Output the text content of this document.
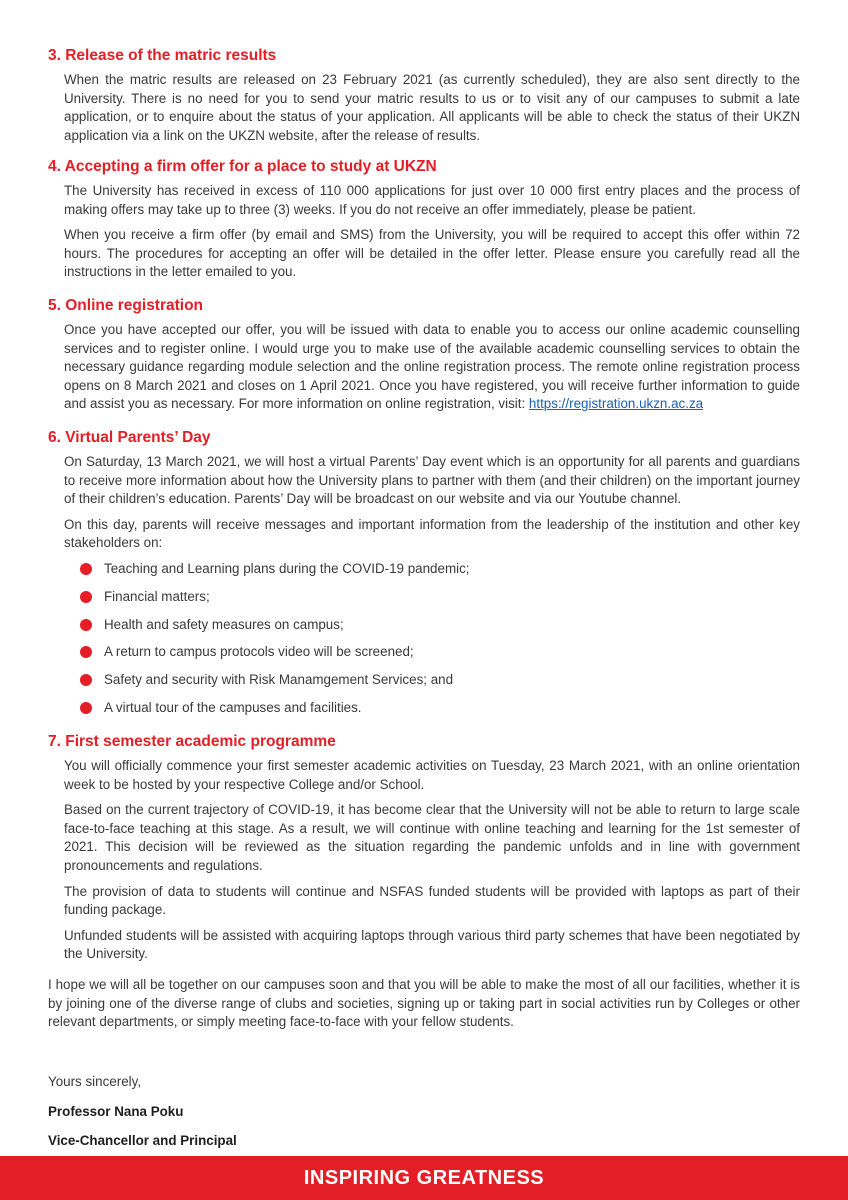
3. Release of the matric results

When the matric results are released on 23 February 2021 (as currently scheduled), they are also sent directly to the University. There is no need for you to send your matric results to us or to visit any of our campuses to submit a late application, or to enquire about the status of your application. All applicants will be able to check the status of their UKZN application via a link on the UKZN website, after the release of results.

4. Accepting a firm offer for a place to study at UKZN

The University has received in excess of 110 000 applications for just over 10 000 first entry places and the process of making offers may take up to three (3) weeks. If you do not receive an offer immediately, please be patient.

When you receive a firm offer (by email and SMS) from the University, you will be required to accept this offer within 72 hours. The procedures for accepting an offer will be detailed in the offer letter. Please ensure you carefully read all the instructions in the letter emailed to you.

5. Online registration

Once you have accepted our offer, you will be issued with data to enable you to access our online academic counselling services and to register online. I would urge you to make use of the available academic counselling services to obtain the necessary guidance regarding module selection and the online registration process. The remote online registration process opens on 8 March 2021 and closes on 1 April 2021. Once you have registered, you will receive further information to guide and assist you as necessary. For more information on online registration, visit: https://registration.ukzn.ac.za

6. Virtual Parents’ Day

On Saturday, 13 March 2021, we will host a virtual Parents’ Day event which is an opportunity for all parents and guardians to receive more information about how the University plans to partner with them (and their children) on the important journey of their children’s education. Parents’ Day will be broadcast on our website and via our Youtube channel.

On this day, parents will receive messages and important information from the leadership of the institution and other key stakeholders on:

Teaching and Learning plans during the COVID-19 pandemic;
Financial matters;
Health and safety measures on campus;
A return to campus protocols video will be screened;
Safety and security with Risk Manamgement Services; and
A virtual tour of the campuses and facilities.
7. First semester academic programme

You will officially commence your first semester academic activities on Tuesday, 23 March 2021, with an online orientation week to be hosted by your respective College and/or School.

Based on the current trajectory of COVID-19, it has become clear that the University will not be able to return to large scale face-to-face teaching at this stage. As a result, we will continue with online teaching and learning for the 1st semester of 2021. This decision will be reviewed as the situation regarding the pandemic unfolds and in line with government pronouncements and regulations.

The provision of data to students will continue and NSFAS funded students will be provided with laptops as part of their funding package.

Unfunded students will be assisted with acquiring laptops through various third party schemes that have been negotiated by the University.

I hope we will all be together on our campuses soon and that you will be able to make the most of all our facilities, whether it is by joining one of the diverse range of clubs and societies, signing up or taking part in social activities run by Colleges or other relevant departments, or simply meeting face-to-face with your fellow students.

Yours sincerely,

Professor Nana Poku
Vice-Chancellor and Principal
INSPIRING GREATNESS
